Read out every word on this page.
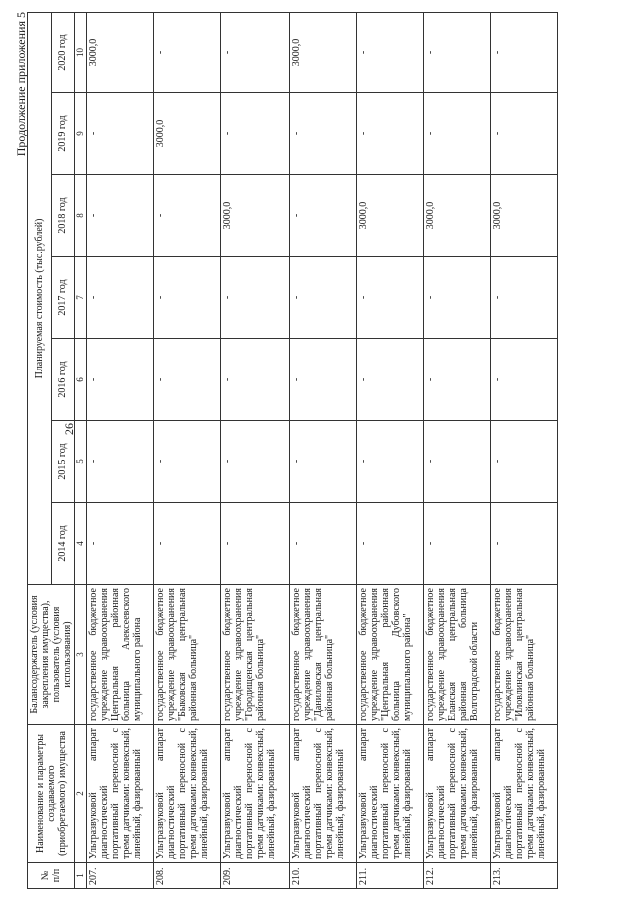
26
Продолжение приложения 5
№ п/п	Наименование и параметры создаваемого (приобретаемого) имущества	Балансодержатель (условия закрепления имущества), пользователь (условия использования)	Планируемая стоимость (тыс.рублей)						
			2014 год	2015 год	2016 год	2017 год	2018 год	2019 год	2020 год
1	2	3	4	5	6	7	8	9	10
207.	Ультразвуковой аппарат диагностический портативный переносной с тремя датчиками: конвексный, линейный, фазированный	государственное бюджетное учреждение здравоохранения Центральная районная больница Алексеевского муниципального района	-	-	-	-	-	-	3000,0
208.	Ультразвуковой аппарат диагностический портативный переносной с тремя датчиками: конвексный, линейный, фазированный	государственное бюджетное учреждение здравоохранения "Быковская центральная районная больница"	-	-	-	-	-	3000,0	-
209.	Ультразвуковой аппарат диагностический портативный переносной с тремя датчиками: конвексный, линейный, фазированный	государственное бюджетное учреждение здравоохранения "Городищенская центральная районная больница"	-	-	-	-	3000,0	-	-
210.	Ультразвуковой аппарат диагностический портативный переносной с тремя датчиками: конвексный, линейный, фазированный	государственное бюджетное учреждение здравоохранения "Даниловская центральная районная больница"	-	-	-	-	-	-	3000,0
211.	Ультразвуковой аппарат диагностический портативный переносной с тремя датчиками: конвексный, линейный, фазированный	государственное бюджетное учреждение здравоохранения "Центральная районная больница Дубовского муниципального района"	-	-	-	-	3000,0	-	-
212.	Ультразвуковой аппарат диагностический портативный переносной с тремя датчиками: конвексный, линейный, фазированный	государственное бюджетное учреждение здравоохранения Еланская центральная районная больница Волгоградской области	-	-	-	-	3000,0	-	-
213.	Ультразвуковой аппарат диагностический портативный переносной с тремя датчиками: конвексный, линейный, фазированный	государственное бюджетное учреждение здравоохранения "Иловлинская центральная районная больница"	-	-	-	-	3000,0	-	-
